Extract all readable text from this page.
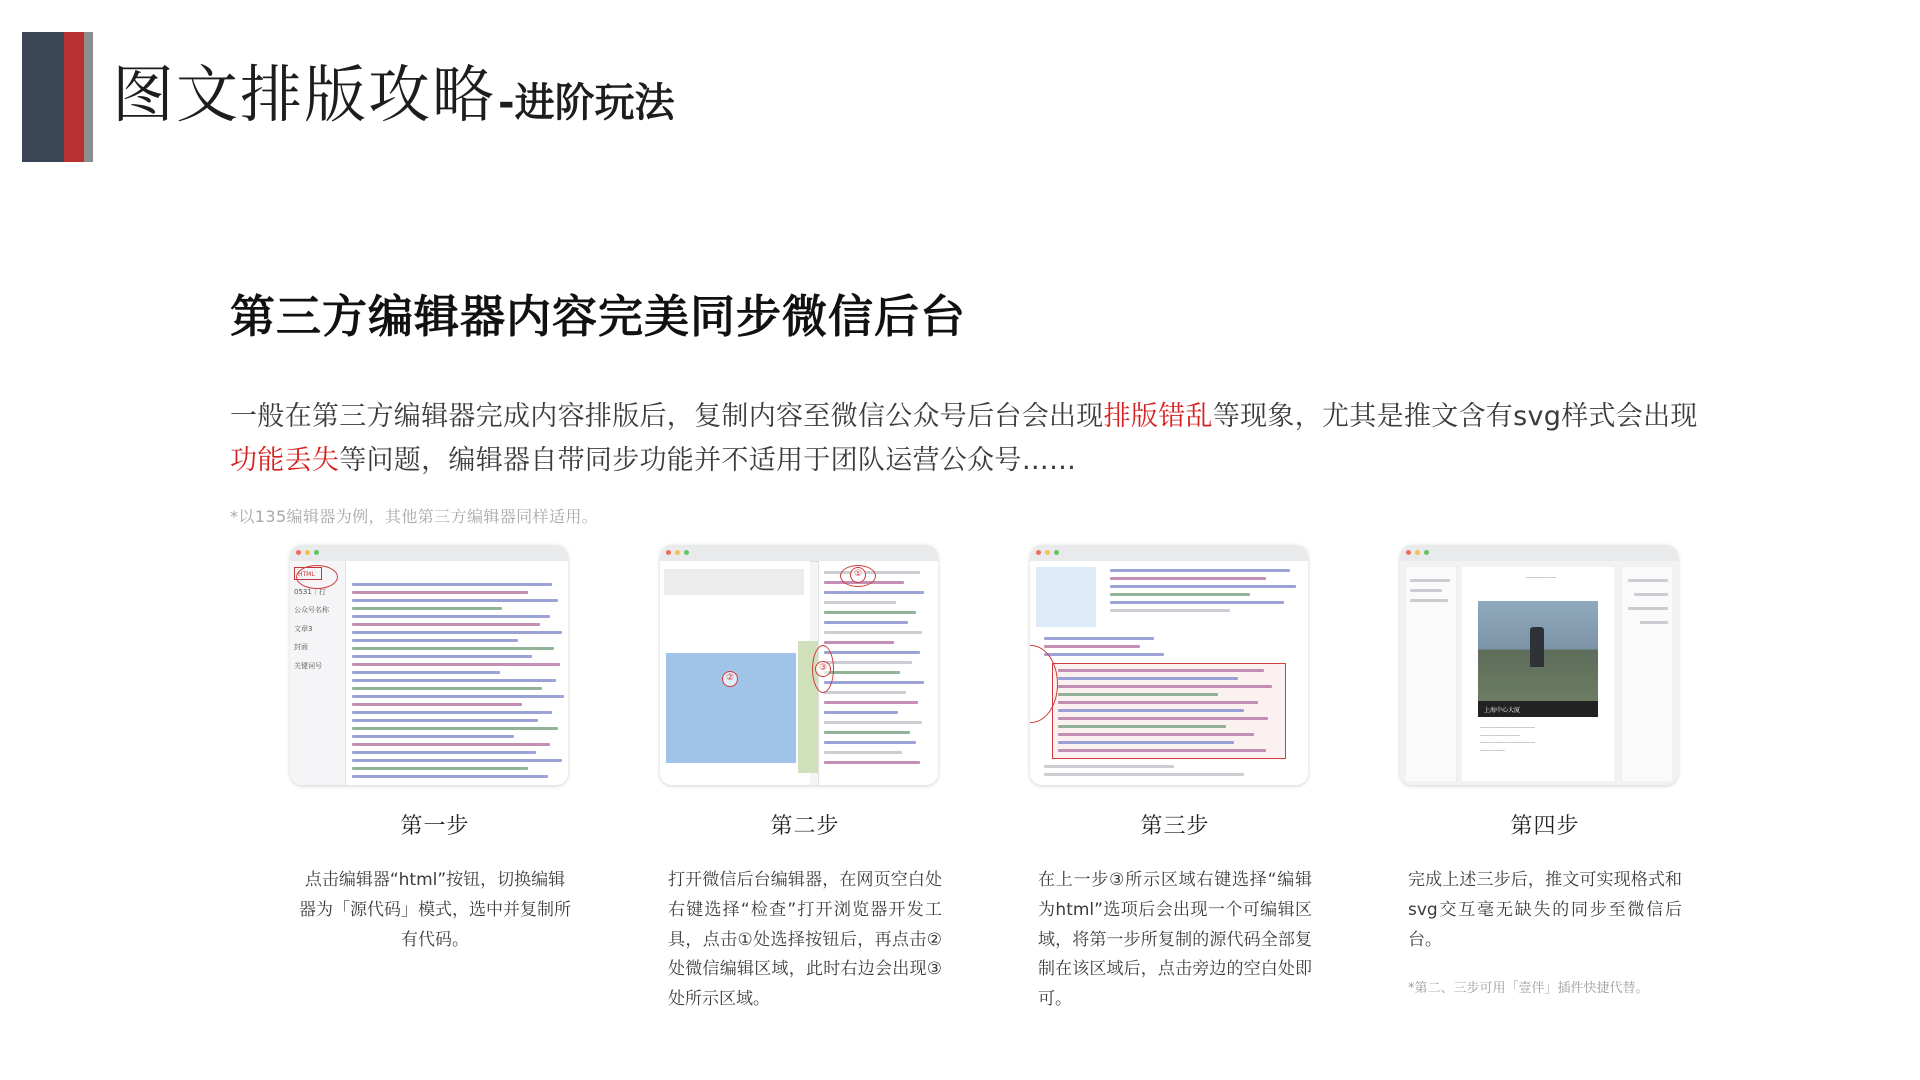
图文排版攻略 -进阶玩法
第三方编辑器内容完美同步微信后台

一般在第三方编辑器完成内容排版后，复制内容至微信公众号后台会出现排版错乱等现象，尤其是推文含有svg样式会出现功能丢失等问题，编辑器自带同步功能并不适用于团队运营公众号……

*以135编辑器为例，其他第三方编辑器同样适用。
HTML
0531｜打
公众号名称
文章3
封面
关键词号
第一步
点击编辑器“html”按钮，切换编辑器为「源代码」模式，选中并复制所有代码。
①
②
③
第二步
打开微信后台编辑器，在网页空白处右键选择“检查”打开浏览器开发工具，点击①处选择按钮后，再点击②处微信编辑区域，此时右边会出现③处所示区域。
第三步
在上一步③所示区域右键选择“编辑为html”选项后会出现一个可编辑区域，将第一步所复制的源代码全部复制在该区域后，点击旁边的空白处即可。
——————
上海中心大厦
———————————
————————
———————————
—————
第四步
完成上述三步后，推文可实现格式和svg交互毫无缺失的同步至微信后台。
*第二、三步可用「壹伴」插件快捷代替。
